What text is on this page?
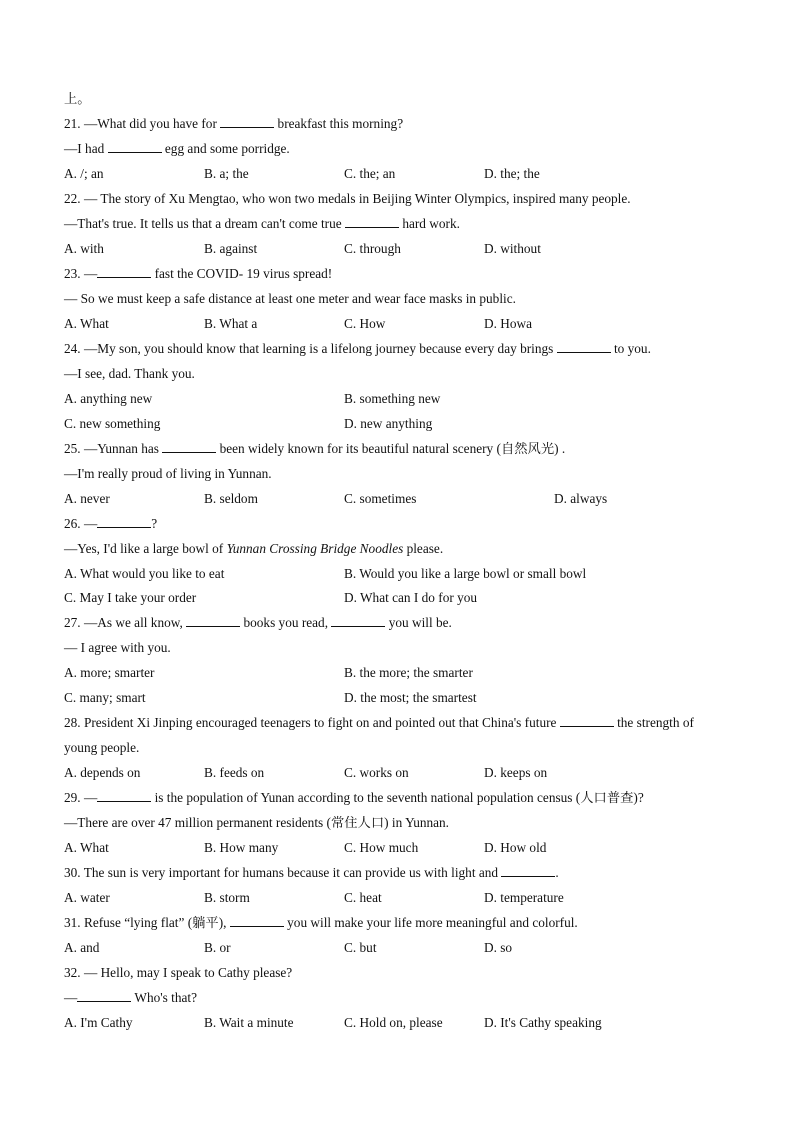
上。
21. —What did you have for	breakfast this morning?
—I had	egg and some porridge.
A. /; an	B. a; the	C. the; an	D. the; the
22. — The story of Xu Mengtao, who won two medals in Beijing Winter Olympics, inspired many people.
—That's true. It tells us that a dream can't come true	hard work.
A. with	B. against	C. through	D. without
23. —	fast the COVID- 19 virus spread!
— So we must keep a safe distance at least one meter and wear face masks in public.
A. What	B. What a	C. How	D. Howa
24. —My son, you should know that learning is a lifelong journey because every day brings	to you.
—I see, dad. Thank you.
A. anything new	B. something new
C. new something	D. new anything
25. —Yunnan has	been widely known for its beautiful natural scenery (自然风光) .
—I'm really proud of living in Yunnan.
A. never	B. seldom	C. sometimes	D. always
26. —	?
—Yes, I'd like a large bowl of Yunnan Crossing Bridge Noodles please.
A. What would you like to eat	B. Would you like a large bowl or small bowl
C. May I take your order	D. What can I do for you
27. —As we all know,	books you read,	you will be.
— I agree with you.
A. more; smarter	B. the more; the smarter
C. many; smart	D. the most; the smartest
28. President Xi Jinping encouraged teenagers to fight on and pointed out that China's future	the strength of
young people.
A. depends on	B. feeds on	C. works on	D. keeps on
29. —	is the population of Yunan according to the seventh national population census (人口普查)?
—There are over 47 million permanent residents (常住人口) in Yunnan.
A. What	B. How many	C. How much	D. How old
30. The sun is very important for humans because it can provide us with light and	.
A. water	B. storm	C. heat	D. temperature
31. Refuse “lying flat” (躺平),	you will make your life more meaningful and colorful.
A. and	B. or	C. but	D. so
32. — Hello, may I speak to Cathy please?
—	Who's that?
A. I'm Cathy	B. Wait a minute	C. Hold on, please	D. It's Cathy speaking
